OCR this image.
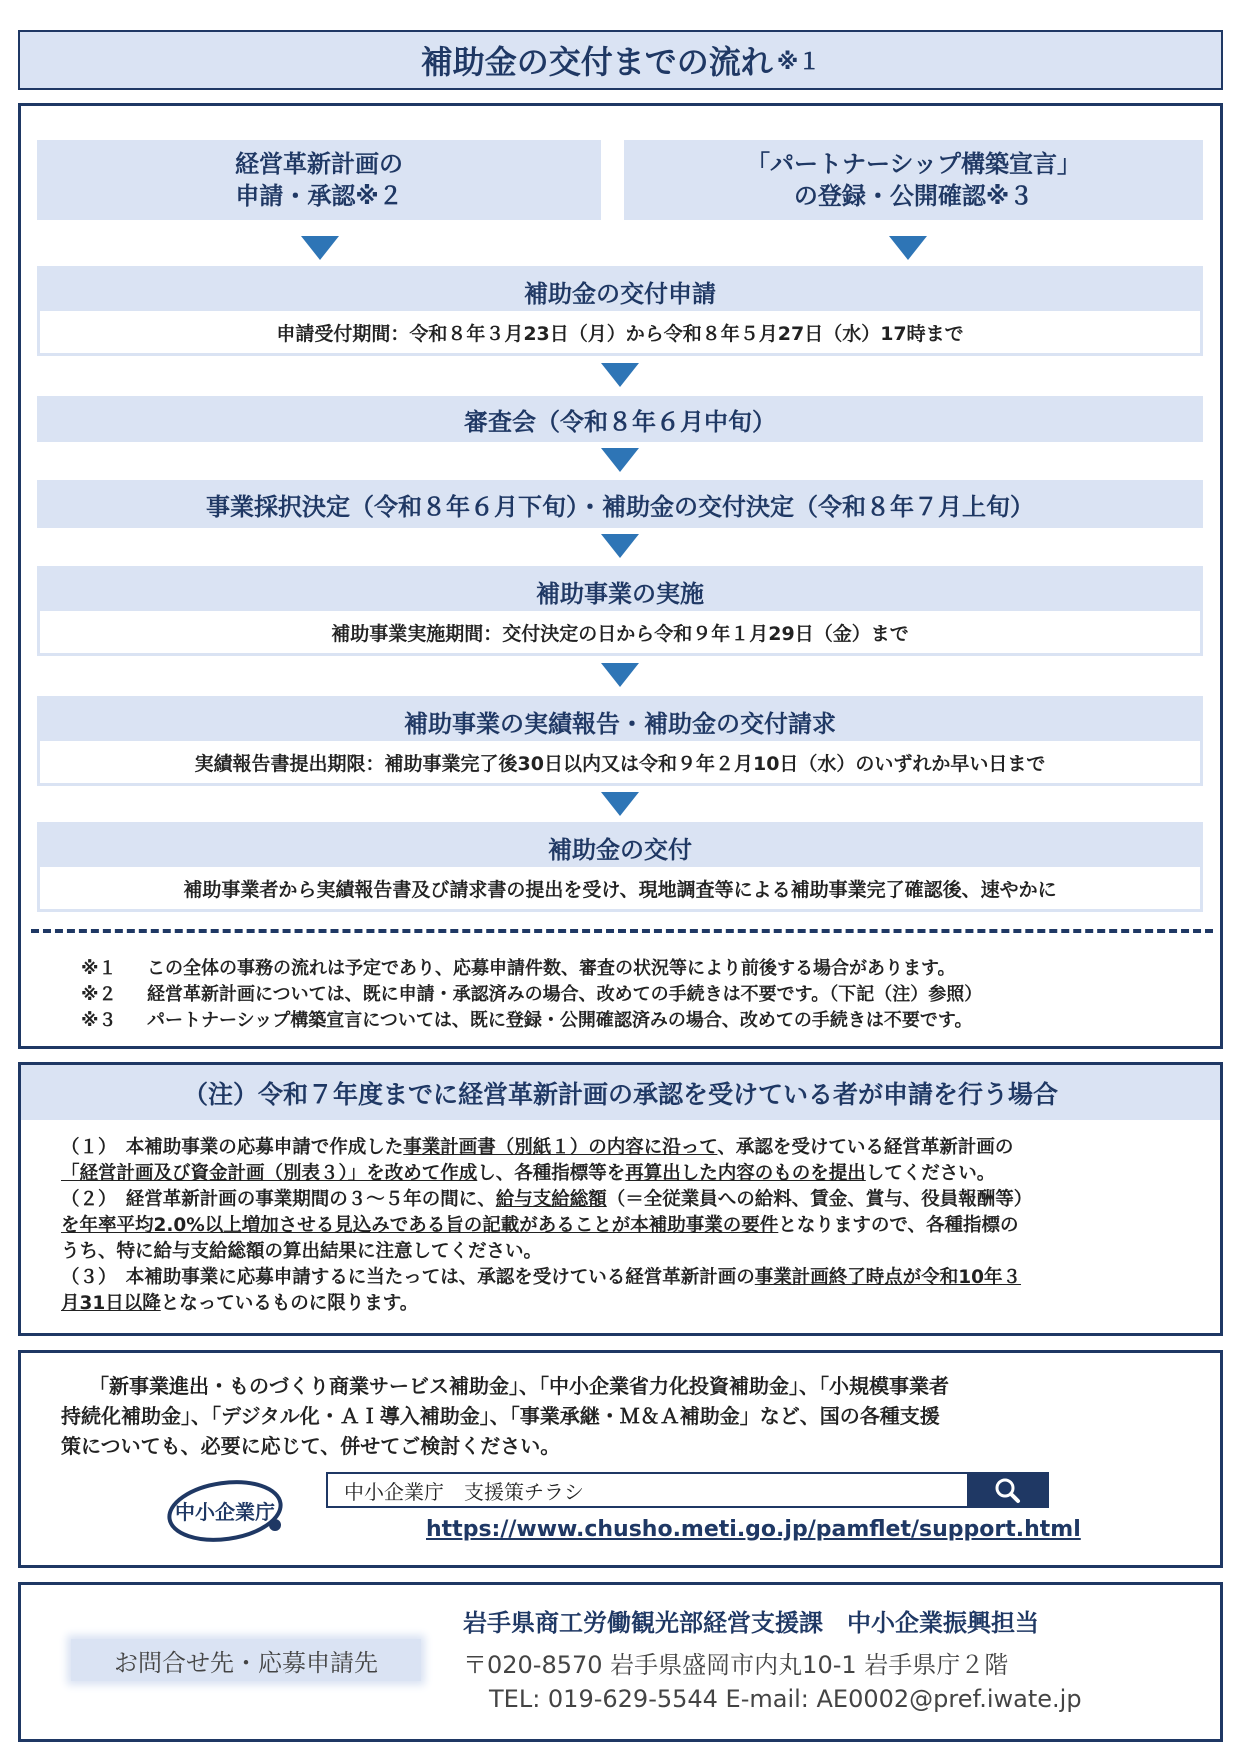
補助金の交付までの流れ ※１
経営革新計画の
申請・承認※２
「パートナーシップ構築宣言」
の登録・公開確認※３
補助金の交付申請
申請受付期間：令和８年３月23日（月）から令和８年５月27日（水）17時まで
審査会（令和８年６月中旬）
事業採択決定（令和８年６月下旬）・補助金の交付決定（令和８年７月上旬）
補助事業の実施
補助事業実施期間：交付決定の日から令和９年１月29日（金）まで
補助事業の実績報告・補助金の交付請求
実績報告書提出期限：補助事業完了後30日以内又は令和９年２月10日（水）のいずれか早い日まで
補助金の交付
補助事業者から実績報告書及び請求書の提出を受け、現地調査等による補助事業完了確認後、速やかに
※１ この全体の事務の流れは予定であり、応募申請件数、審査の状況等により前後する場合があります。
※２ 経営革新計画については、既に申請・承認済みの場合、改めての手続きは不要です。（下記（注）参照）
※３ パートナーシップ構築宣言については、既に登録・公開確認済みの場合、改めての手続きは不要です。
（注）令和７年度までに経営革新計画の承認を受けている者が申請を行う場合
（１）　本補助事業の応募申請で作成した事業計画書（別紙１）の内容に沿って、承認を受けている経営革新計画の
「経営計画及び資金計画（別表３）」を改めて作成し、各種指標等を再算出した内容のものを提出してください。
（２）　経営革新計画の事業期間の３～５年の間に、給与支給総額（＝全従業員への給料、賃金、賞与、役員報酬等）
を年率平均2.0%以上増加させる見込みである旨の記載があることが本補助事業の要件となりますので、各種指標の
うち、特に給与支給総額の算出結果に注意してください。
（３）　本補助事業に応募申請するに当たっては、承認を受けている経営革新計画の事業計画終了時点が令和10年３
月31日以降となっているものに限ります。
「新事業進出・ものづくり商業サービス補助金」、「中小企業省力化投資補助金」、「小規模事業者
持続化補助金」、「デジタル化・ＡＩ導入補助金」、「事業承継・Ｍ＆Ａ補助金」など、国の各種支援
策についても、必要に応じて、併せてご検討ください。
中小企業庁
中小企業庁　支援策チラシ
https://www.chusho.meti.go.jp/pamflet/support.html
お問合せ先・応募申請先
岩手県商工労働観光部経営支援課　中小企業振興担当
〒020-8570 岩手県盛岡市内丸10-1 岩手県庁２階
TEL: 019-629-5544 E-mail: AE0002@pref.iwate.jp
